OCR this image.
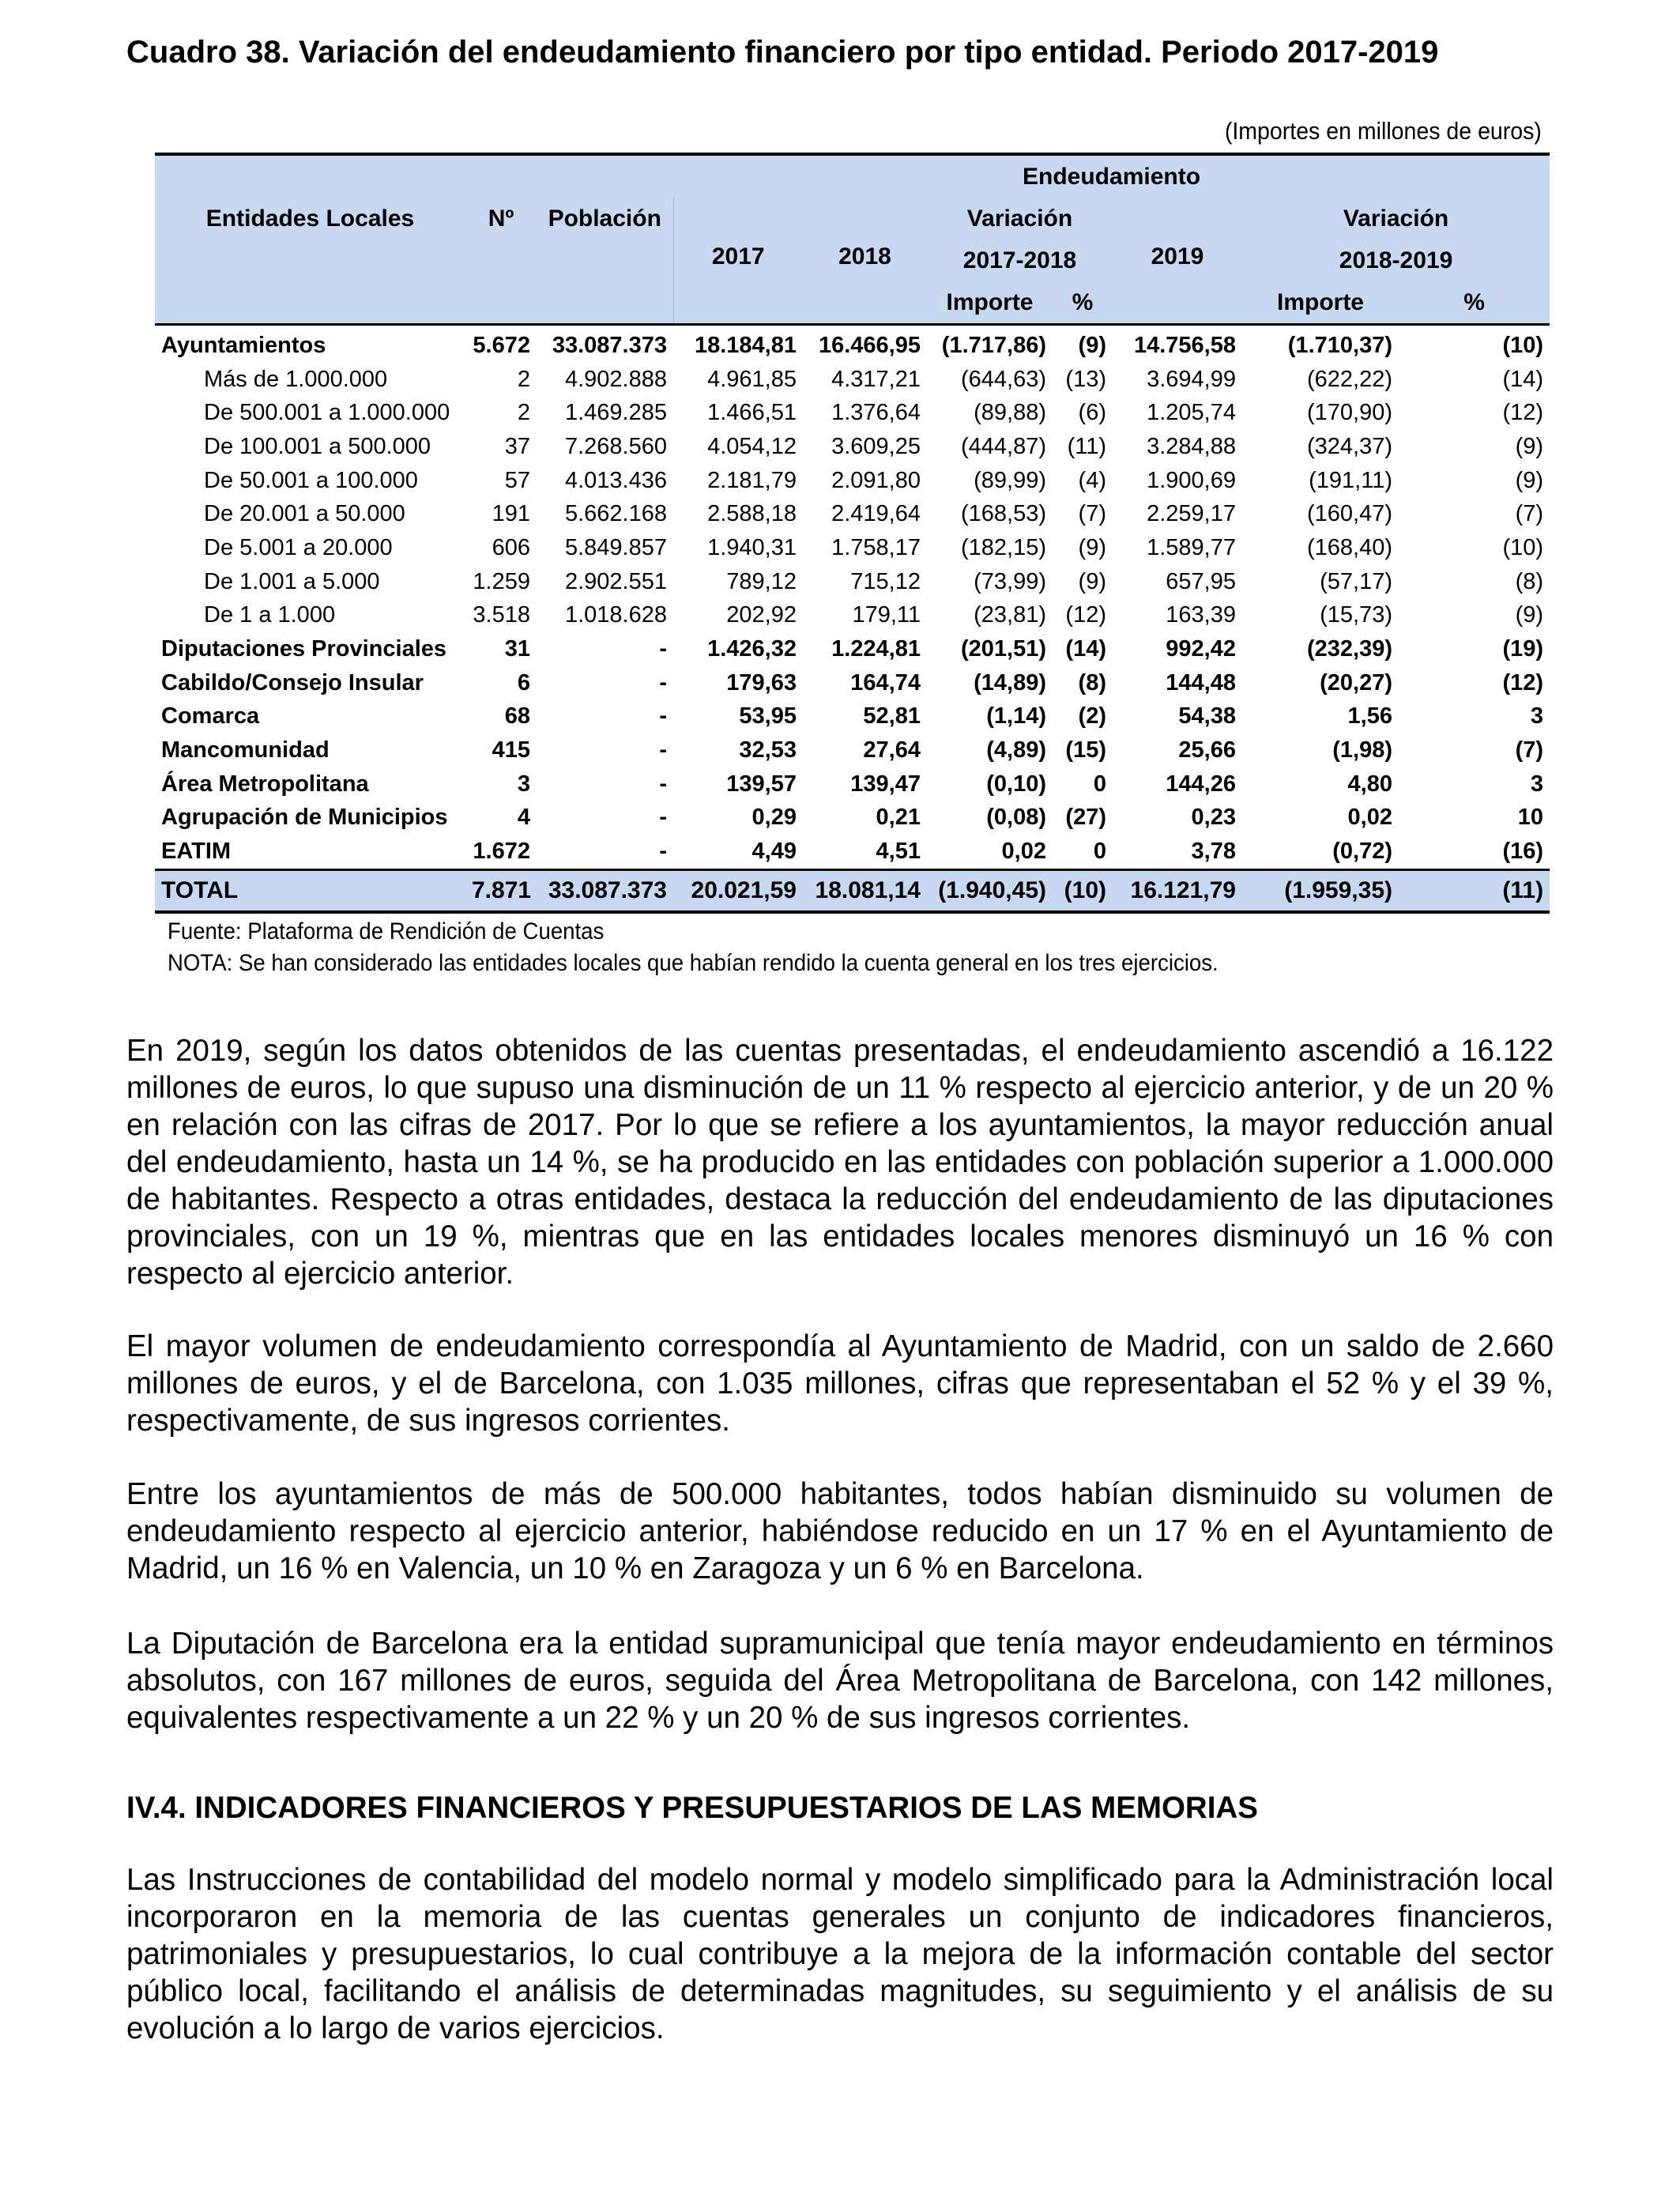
Cuadro 38. Variación del endeudamiento financiero por tipo entidad. Periodo 2017-2019
(Importes en millones de euros)
Entidades Locales	Nº	Población	Endeudamiento						
			2017	2018	Variación		2019	Variación	
					2017-2018			2018-2019	
					Importe	%		Importe	%
Ayuntamientos	5.672	33.087.373	18.184,81	16.466,95	(1.717,86)	(9)	14.756,58	(1.710,37)	(10)
Más de 1.000.000	2	4.902.888	4.961,85	4.317,21	(644,63)	(13)	3.694,99	(622,22)	(14)
De 500.001 a 1.000.000	2	1.469.285	1.466,51	1.376,64	(89,88)	(6)	1.205,74	(170,90)	(12)
De 100.001 a 500.000	37	7.268.560	4.054,12	3.609,25	(444,87)	(11)	3.284,88	(324,37)	(9)
De 50.001 a 100.000	57	4.013.436	2.181,79	2.091,80	(89,99)	(4)	1.900,69	(191,11)	(9)
De 20.001 a 50.000	191	5.662.168	2.588,18	2.419,64	(168,53)	(7)	2.259,17	(160,47)	(7)
De 5.001 a 20.000	606	5.849.857	1.940,31	1.758,17	(182,15)	(9)	1.589,77	(168,40)	(10)
De 1.001 a 5.000	1.259	2.902.551	789,12	715,12	(73,99)	(9)	657,95	(57,17)	(8)
De 1 a 1.000	3.518	1.018.628	202,92	179,11	(23,81)	(12)	163,39	(15,73)	(9)
Diputaciones Provinciales	31	-	1.426,32	1.224,81	(201,51)	(14)	992,42	(232,39)	(19)
Cabildo/Consejo Insular	6	-	179,63	164,74	(14,89)	(8)	144,48	(20,27)	(12)
Comarca	68	-	53,95	52,81	(1,14)	(2)	54,38	1,56	3
Mancomunidad	415	-	32,53	27,64	(4,89)	(15)	25,66	(1,98)	(7)
Área Metropolitana	3	-	139,57	139,47	(0,10)	0	144,26	4,80	3
Agrupación de Municipios	4	-	0,29	0,21	(0,08)	(27)	0,23	0,02	10
EATIM	1.672	-	4,49	4,51	0,02	0	3,78	(0,72)	(16)
TOTAL	7.871	33.087.373	20.021,59	18.081,14	(1.940,45)	(10)	16.121,79	(1.959,35)	(11)
Fuente: Plataforma de Rendición de Cuentas
NOTA: Se han considerado las entidades locales que habían rendido la cuenta general en los tres ejercicios.

En 2019, según los datos obtenidos de las cuentas presentadas, el endeudamiento ascendió a 16.122 millones de euros, lo que supuso una disminución de un 11 % respecto al ejercicio anterior, y de un 20 % en relación con las cifras de 2017. Por lo que se refiere a los ayuntamientos, la mayor reducción anual del endeudamiento, hasta un 14 %, se ha producido en las entidades con población superior a 1.000.000 de habitantes. Respecto a otras entidades, destaca la reducción del endeudamiento de las diputaciones provinciales, con un 19 %, mientras que en las entidades locales menores disminuyó un 16 % con respecto al ejercicio anterior.

El mayor volumen de endeudamiento correspondía al Ayuntamiento de Madrid, con un saldo de 2.660 millones de euros, y el de Barcelona, con 1.035 millones, cifras que representaban el 52 % y el 39 %, respectivamente, de sus ingresos corrientes.

Entre los ayuntamientos de más de 500.000 habitantes, todos habían disminuido su volumen de endeudamiento respecto al ejercicio anterior, habiéndose reducido en un 17 % en el Ayuntamiento de Madrid, un 16 % en Valencia, un 10 % en Zaragoza y un 6 % en Barcelona.

La Diputación de Barcelona era la entidad supramunicipal que tenía mayor endeudamiento en términos absolutos, con 167 millones de euros, seguida del Área Metropolitana de Barcelona, con 142 millones, equivalentes respectivamente a un 22 % y un 20 % de sus ingresos corrientes.

IV.4. INDICADORES FINANCIEROS Y PRESUPUESTARIOS DE LAS MEMORIAS

Las Instrucciones de contabilidad del modelo normal y modelo simplificado para la Administración local incorporaron en la memoria de las cuentas generales un conjunto de indicadores financieros, patrimoniales y presupuestarios, lo cual contribuye a la mejora de la información contable del sector público local, facilitando el análisis de determinadas magnitudes, su seguimiento y el análisis de su evolución a lo largo de varios ejercicios.
